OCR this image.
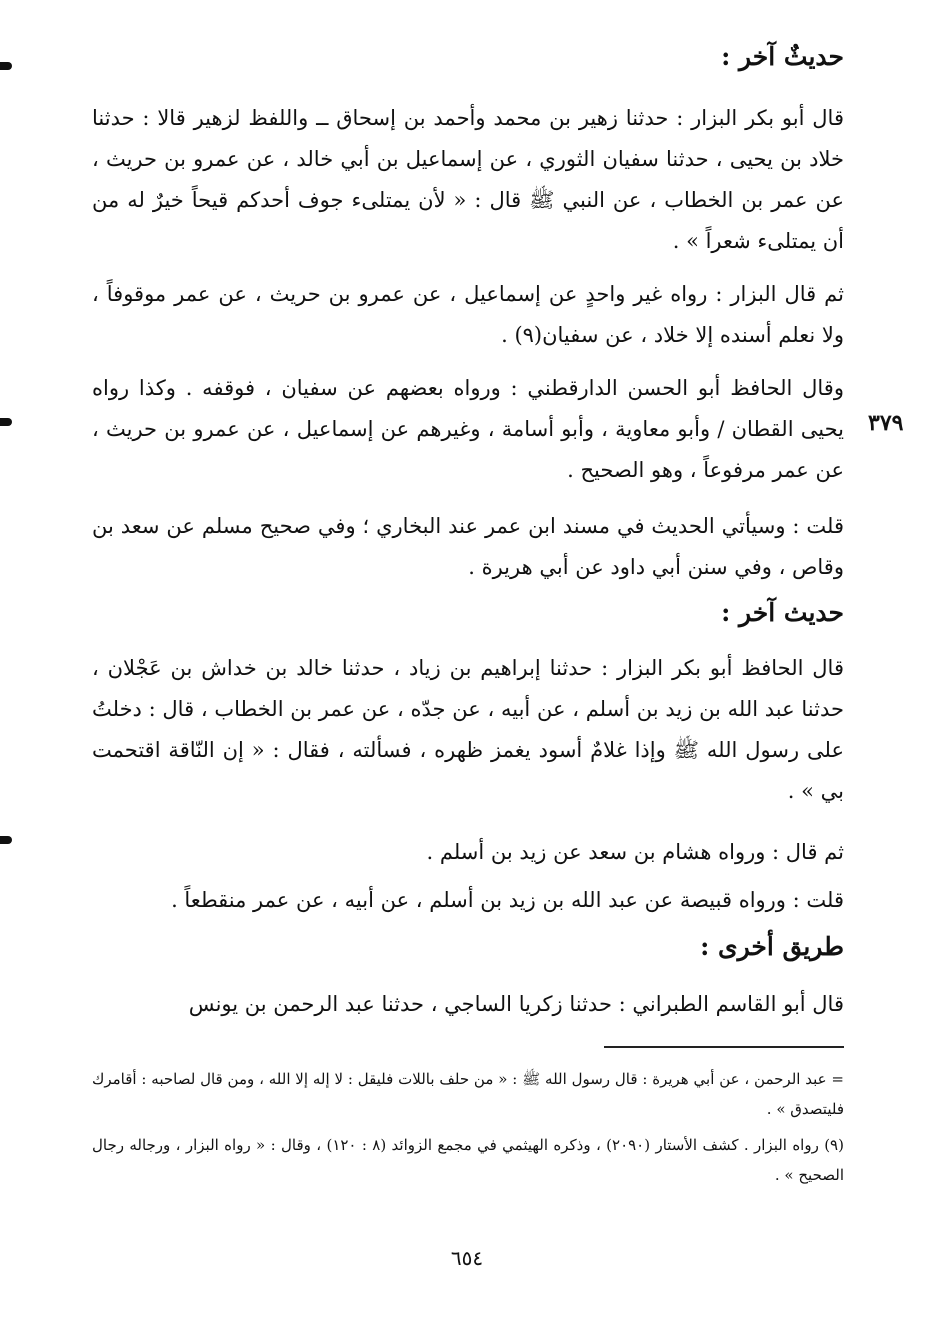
حديثٌ آخر :

قال أبو بكر البزار : حدثنا زهير بن محمد وأحمد بن إسحاق ــ واللفظ لزهير قالا : حدثنا خلاد بن يحيى ، حدثنا سفيان الثوري ، عن إسماعيل بن أبي خالد ، عن عمرو بن حريث ، عن عمر بن الخطاب ، عن النبي ﷺ قال : « لأن يمتلىء جوف أحدكم قيحاً خيرٌ له من أن يمتلىء شعراً » .

ثم قال البزار : رواه غير واحدٍ عن إسماعيل ، عن عمرو بن حريث ، عن عمر موقوفاً ، ولا نعلم أسنده إلا خلاد ، عن سفيان(٩) .

وقال الحافظ أبو الحسن الدارقطني : ورواه بعضهم عن سفيان ، فوقفه . وكذا رواه يحيى القطان / وأبو معاوية ، وأبو أسامة ، وغيرهم عن إسماعيل ، عن عمرو بن حريث ، عن عمر مرفوعاً ، وهو الصحيح .

٣٧٩

قلت : وسيأتي الحديث في مسند ابن عمر عند البخاري ؛ وفي صحيح مسلم عن سعد بن وقاص ، وفي سنن أبي داود عن أبي هريرة .

حديث آخر :

قال الحافظ أبو بكر البزار : حدثنا إبراهيم بن زياد ، حدثنا خالد بن خداش بن عَجْلان ، حدثنا عبد الله بن زيد بن أسلم ، عن أبيه ، عن جدّه ، عن عمر بن الخطاب ، قال : دخلتُ على رسول الله ﷺ وإذا غلامٌ أسود يغمز ظهره ، فسألته ، فقال : « إن النّاقة اقتحمت بي » .

ثم قال : ورواه هشام بن سعد عن زيد بن أسلم .

قلت : ورواه قبيصة عن عبد الله بن زيد بن أسلم ، عن أبيه ، عن عمر منقطعاً .

طريق أخرى :

قال أبو القاسم الطبراني : حدثنا زكريا الساجي ، حدثنا عبد الرحمن بن يونس

= عبد الرحمن ، عن أبي هريرة : قال رسول الله ﷺ : « من حلف باللات فليقل : لا إله إلا الله ، ومن قال لصاحبه : أقامرك فليتصدق » .

(٩) رواه البزار . كشف الأستار (٢٠٩٠) ، وذكره الهيثمي في مجمع الزوائد (٨ : ١٢٠) ، وقال : « رواه البزار ، ورجاله رجال الصحيح » .

٦٥٤
